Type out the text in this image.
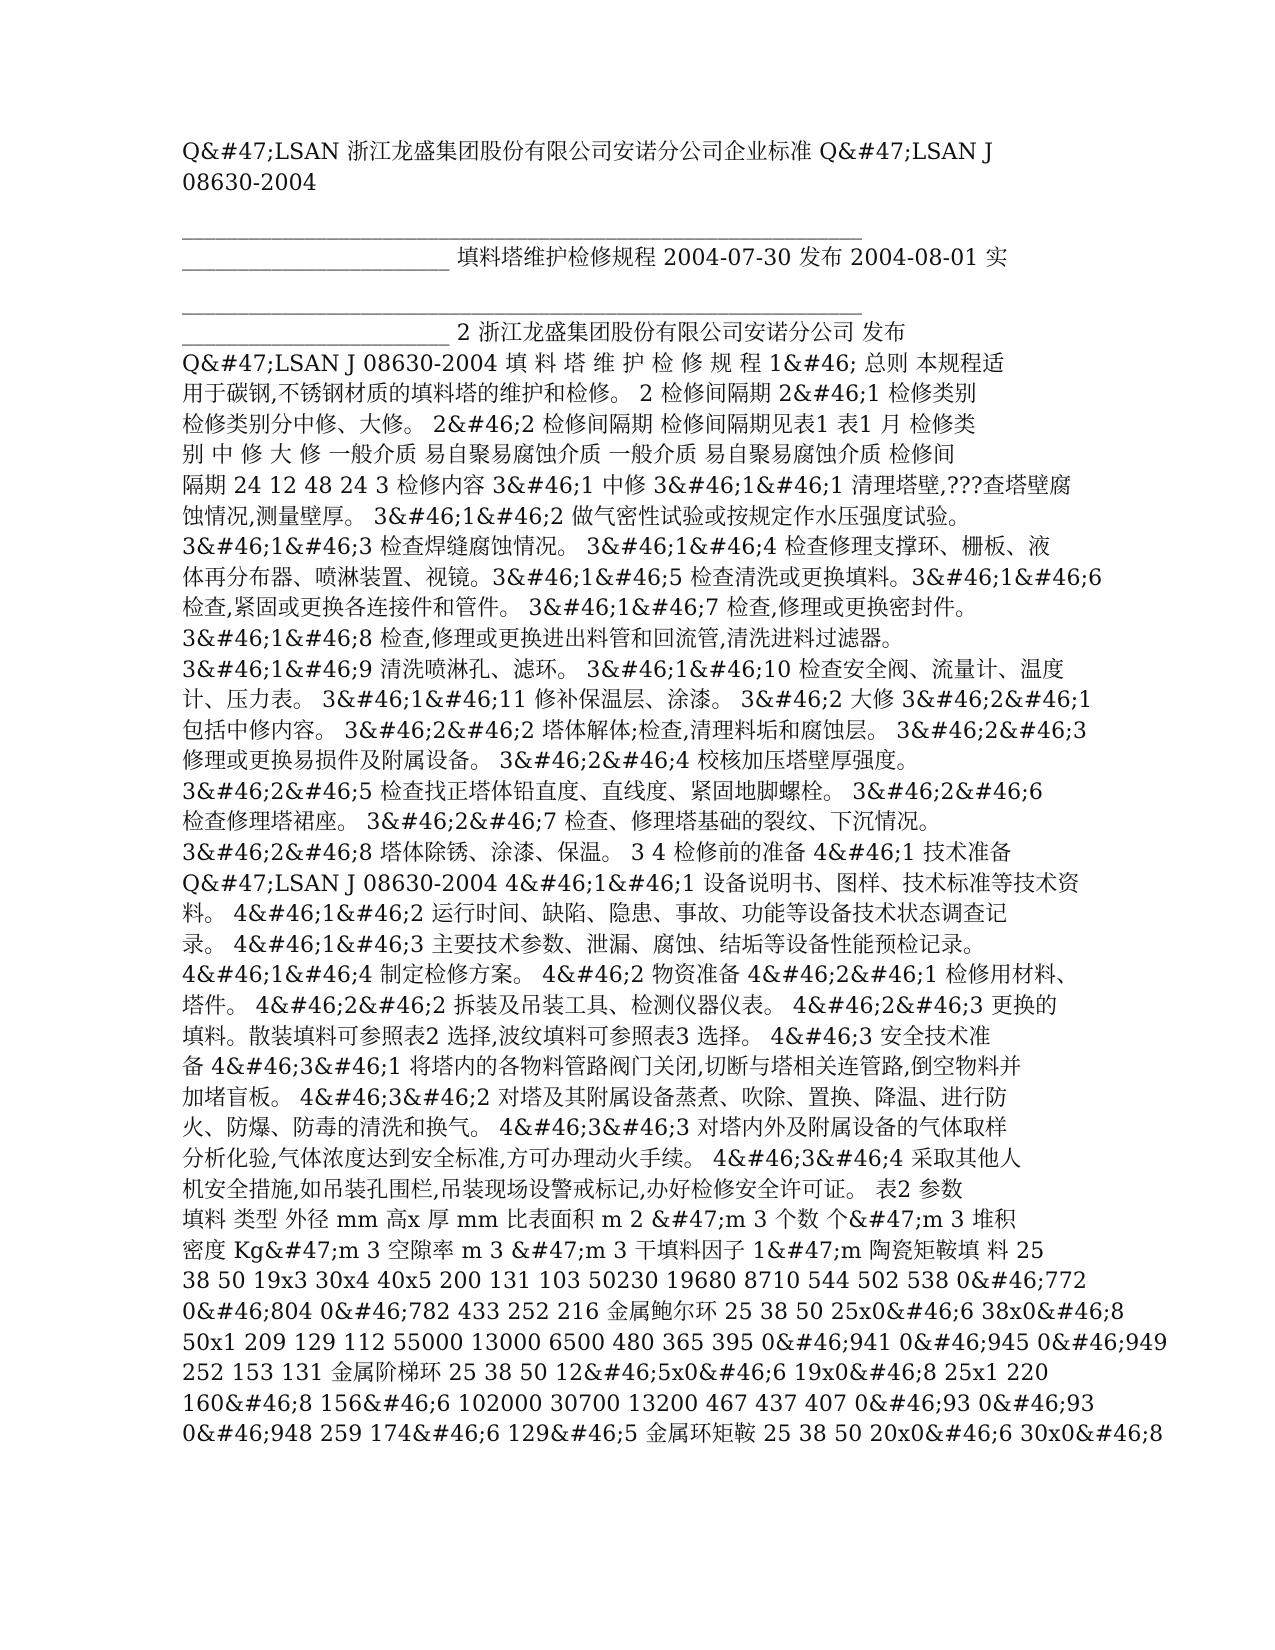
Q&#47;LSAN 浙江龙盛集团股份有限公司安诺分公司企业标准 Q&#47;LSAN J
08630-2004
_____________________________________________________________
________________________ 填料塔维护检修规程 2004-07-30 发布 2004-08-01 实
_____________________________________________________________
________________________ 2 浙江龙盛集团股份有限公司安诺分公司 发布
Q&#47;LSAN J 08630-2004 填 料 塔 维 护 检 修 规 程 1&#46; 总则 本规程适
用于碳钢,不锈钢材质的填料塔的维护和检修。 2 检修间隔期 2&#46;1 检修类别
检修类别分中修、大修。 2&#46;2 检修间隔期 检修间隔期见表1 表1 月 检修类
别 中 修 大 修 一般介质 易自聚易腐蚀介质 一般介质 易自聚易腐蚀介质 检修间
隔期 24 12 48 24 3 检修内容 3&#46;1 中修 3&#46;1&#46;1 清理塔壁,???查塔壁腐
蚀情况,测量壁厚。 3&#46;1&#46;2 做气密性试验或按规定作水压强度试验。
3&#46;1&#46;3 检查焊缝腐蚀情况。 3&#46;1&#46;4 检查修理支撑环、栅板、液
体再分布器、喷淋装置、视镜。3&#46;1&#46;5 检查清洗或更换填料。3&#46;1&#46;6
检查,紧固或更换各连接件和管件。 3&#46;1&#46;7 检查,修理或更换密封件。
3&#46;1&#46;8 检查,修理或更换进出料管和回流管,清洗进料过滤器。
3&#46;1&#46;9 清洗喷淋孔、滤环。 3&#46;1&#46;10 检查安全阀、流量计、温度
计、压力表。 3&#46;1&#46;11 修补保温层、涂漆。 3&#46;2 大修 3&#46;2&#46;1
包括中修内容。 3&#46;2&#46;2 塔体解体;检查,清理料垢和腐蚀层。 3&#46;2&#46;3
修理或更换易损件及附属设备。 3&#46;2&#46;4 校核加压塔壁厚强度。
3&#46;2&#46;5 检查找正塔体铅直度、直线度、紧固地脚螺栓。 3&#46;2&#46;6
检查修理塔裙座。 3&#46;2&#46;7 检查、修理塔基础的裂纹、下沉情况。
3&#46;2&#46;8 塔体除锈、涂漆、保温。 3 4 检修前的准备 4&#46;1 技术准备
Q&#47;LSAN J 08630-2004 4&#46;1&#46;1 设备说明书、图样、技术标准等技术资
料。 4&#46;1&#46;2 运行时间、缺陷、隐患、事故、功能等设备技术状态调查记
录。 4&#46;1&#46;3 主要技术参数、泄漏、腐蚀、结垢等设备性能预检记录。
4&#46;1&#46;4 制定检修方案。 4&#46;2 物资准备 4&#46;2&#46;1 检修用材料、
塔件。 4&#46;2&#46;2 拆装及吊装工具、检测仪器仪表。 4&#46;2&#46;3 更换的
填料。散装填料可参照表2 选择,波纹填料可参照表3 选择。 4&#46;3 安全技术准
备 4&#46;3&#46;1 将塔内的各物料管路阀门关闭,切断与塔相关连管路,倒空物料并
加堵盲板。 4&#46;3&#46;2 对塔及其附属设备蒸煮、吹除、置换、降温、进行防
火、防爆、防毒的清洗和换气。 4&#46;3&#46;3 对塔内外及附属设备的气体取样
分析化验,气体浓度达到安全标准,方可办理动火手续。 4&#46;3&#46;4 采取其他人
机安全措施,如吊装孔围栏,吊装现场设警戒标记,办好检修安全许可证。 表2 参数
填料 类型 外径 mm 高x 厚 mm 比表面积 m 2 &#47;m 3 个数 个&#47;m 3 堆积
密度 Kg&#47;m 3 空隙率 m 3 &#47;m 3 干填料因子 1&#47;m 陶瓷矩鞍填 料 25
38 50 19x3 30x4 40x5 200 131 103 50230 19680 8710 544 502 538 0&#46;772
0&#46;804 0&#46;782 433 252 216 金属鲍尔环 25 38 50 25x0&#46;6 38x0&#46;8
50x1 209 129 112 55000 13000 6500 480 365 395 0&#46;941 0&#46;945 0&#46;949
252 153 131 金属阶梯环 25 38 50 12&#46;5x0&#46;6 19x0&#46;8 25x1 220
160&#46;8 156&#46;6 102000 30700 13200 467 437 407 0&#46;93 0&#46;93
0&#46;948 259 174&#46;6 129&#46;5 金属环矩鞍 25 38 50 20x0&#46;6 30x0&#46;8
